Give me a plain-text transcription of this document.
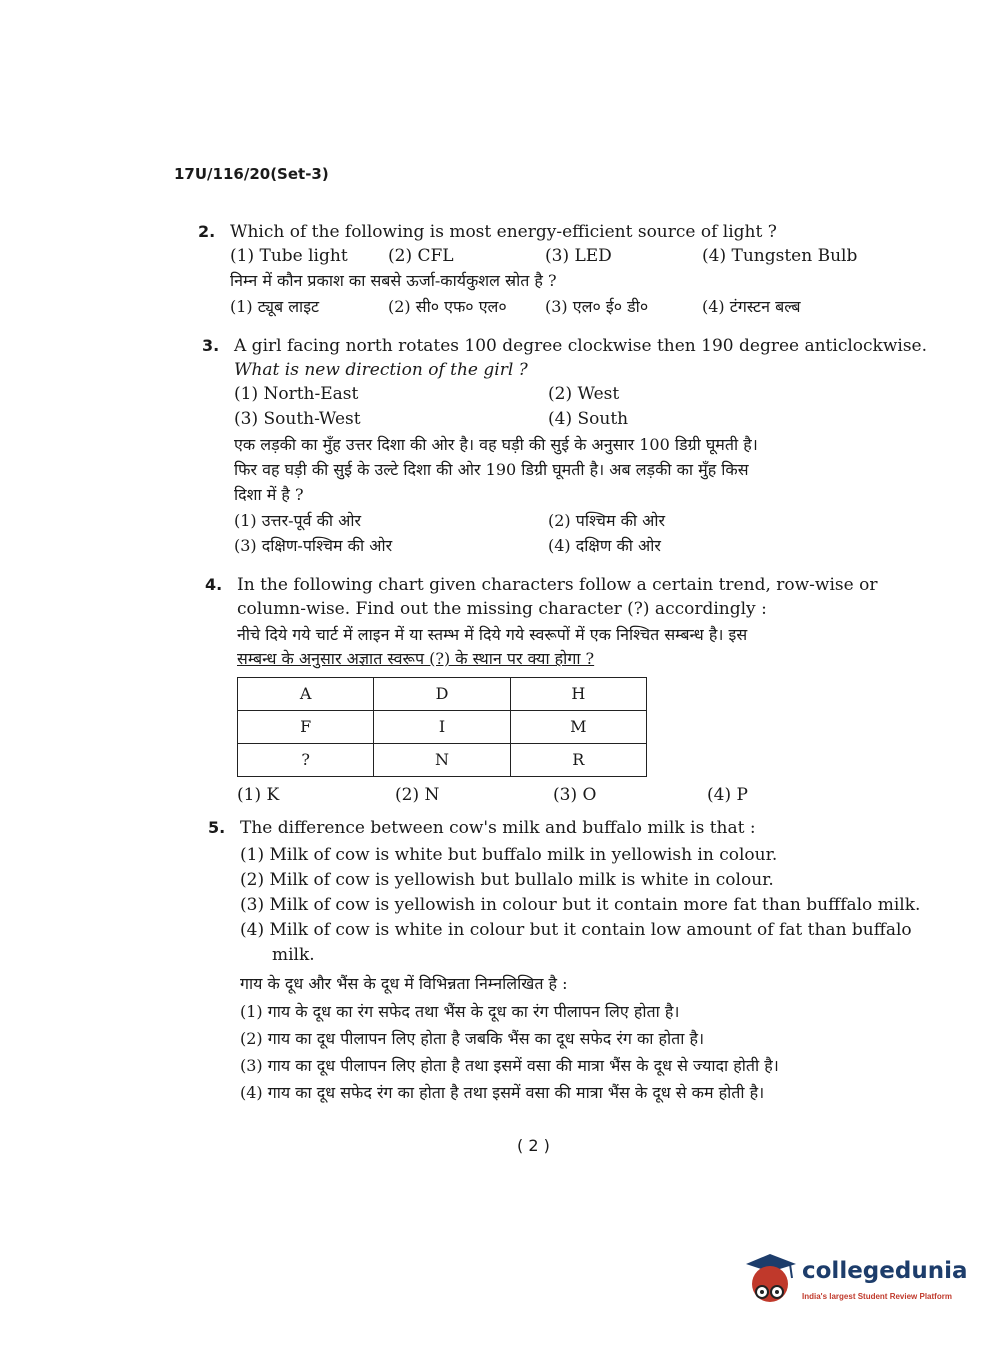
17U/116/20(Set-3)
2. Which of the following is most energy-efficient source of light ?
(1) Tube light (2) CFL	(3) LED	(4) Tungsten Bulb
निम्न में कौन प्रकाश का सबसे ऊर्जा-कार्यकुशल स्रोत है ?
(1) ट्यूब लाइट	(2) सी० एफ० एल० (3) एल० ई० डी०	(4) टंगस्टन बल्ब
3. A girl facing north rotates 100 degree clockwise then 190 degree anticlockwise.
What is new direction of the girl ?
(1) North-East	(2) West
(3) South-West	(4) South
एक लड़की का मुँह उत्तर दिशा की ओर है। वह घड़ी की सुई के अनुसार 100 डिग्री घूमती है।
फिर वह घड़ी की सुई के उल्टे दिशा की ओर 190 डिग्री घूमती है। अब लड़की का मुँह किस
दिशा में है ?
(1) उत्तर-पूर्व की ओर	(2) पश्चिम की ओर
(3) दक्षिण-पश्चिम की ओर	(4) दक्षिण की ओर
4. In the following chart given characters follow a certain trend, row-wise or
column-wise. Find out the missing character (?) accordingly :
नीचे दिये गये चार्ट में लाइन में या स्तम्भ में दिये गये स्वरूपों में एक निश्चित सम्बन्ध है। इस
सम्बन्ध के अनुसार अज्ञात स्वरूप (?) के स्थान पर क्या होगा ?
A	D	H
F	I	M
?	N	R
(1) K	(2) N	(3) O	(4) P
5. The difference between cow's milk and buffalo milk is that :
(1) Milk of cow is white but buffalo milk in yellowish in colour.
(2) Milk of cow is yellowish but bullalo milk is white in colour.
(3) Milk of cow is yellowish in colour but it contain more fat than bufffalo milk.
(4) Milk of cow is white in colour but it contain low amount of fat than buffalo
milk.
गाय के दूध और भैंस के दूध में विभिन्नता निम्नलिखित है :
(1) गाय के दूध का रंग सफेद तथा भैंस के दूध का रंग पीलापन लिए होता है।
(2) गाय का दूध पीलापन लिए होता है जबकि भैंस का दूध सफेद रंग का होता है।
(3) गाय का दूध पीलापन लिए होता है तथा इसमें वसा की मात्रा भैंस के दूध से ज्यादा होती है।
(4) गाय का दूध सफेद रंग का होता है तथा इसमें वसा की मात्रा भैंस के दूध से कम होती है।
( 2 )
collegedunia
India's largest Student Review Platform
